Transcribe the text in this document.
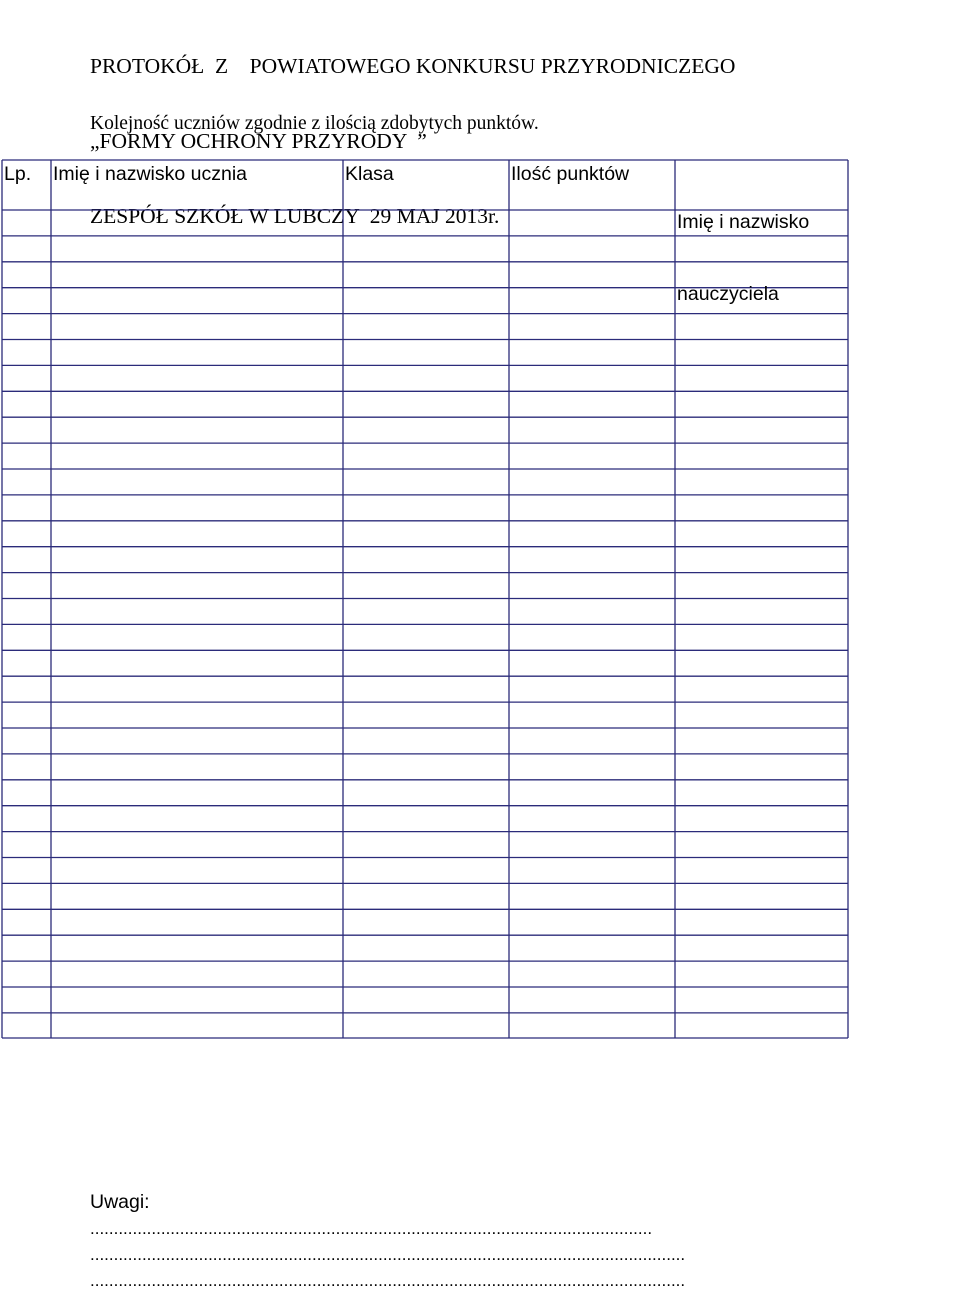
PROTOKÓŁ  Z    POWIATOWEGO KONKURSU PRZYRODNICZEGO

„FORMY OCHRONY PRZYRODY  ”

Kolejność uczniów zgodnie z ilością zdobytych punktów.
Lp. Imię i nazwisko ucznia	Klasa	Ilość punktów

Imię i nazwisko

nauczyciela

Uwagi:
.......................................................................................................................
..............................................................................................................................
..............................................................................................................................
